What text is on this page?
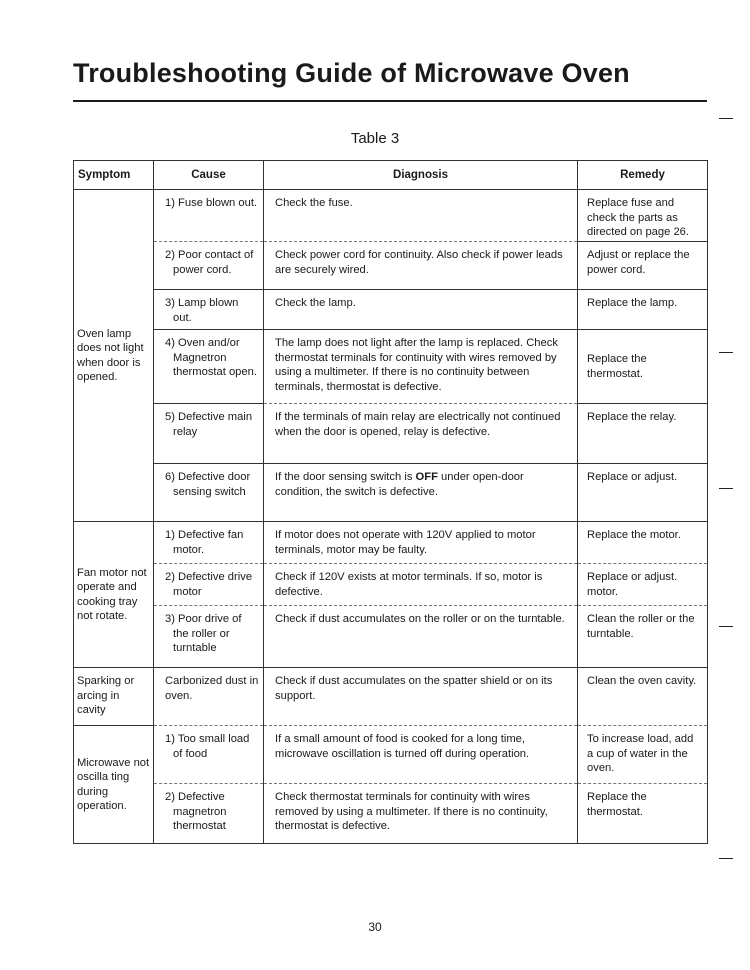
Troubleshooting Guide of Microwave Oven
Table 3
Symptom	Cause	Diagnosis	Remedy
Oven lamp does not light when door is opened.	1) Fuse blown out.	Check the fuse.	Replace fuse and check the parts as directed on page 26.

	2) Poor contact of power cord.	Check power cord for continuity. Also check if power leads are securely wired.	Adjust or replace the power cord.

	3) Lamp blown out.	Check the lamp.	Replace the lamp.

	4) Oven and/or Magnetron thermostat open.	The lamp does not light after the lamp is replaced. Check thermostat terminals for continuity with wires removed by using a multimeter. If there is no continuity between terminals, thermostat is defective.	Replace the thermostat.

	5) Defective main relay	If the terminals of main relay are electrically not continued when the door is opened, relay is defective.	Replace the relay.

	6) Defective door sensing switch	If the door sensing switch is OFF under open-door condition, the switch is defective.	Replace or adjust.
Fan motor not operate and cooking tray not rotate.	1) Defective fan motor.	If motor does not operate with 120V applied to motor terminals, motor may be faulty.	Replace the motor.

	2) Defective drive motor	Check if 120V exists at motor terminals. If so, motor is defective.	Replace or adjust. motor.

	3) Poor drive of the roller or turntable	Check if dust accumulates on the roller or on the turntable.	Clean the roller or the turntable.
Sparking or arcing in cavity	Carbonized dust in oven.	Check if dust accumulates on the spatter shield or on its support.	Clean the oven cavity.
Microwave not oscilla ting during operation.	1) Too small load of food	If a small amount of food is cooked for a long time, microwave oscillation is turned off during operation.	To increase load, add a cup of water in the oven.

	2) Defective magnetron thermostat	Check thermostat terminals for continuity with wires removed by using a multimeter. If there is no continuity, thermostat is defective.	Replace the thermostat.
30
